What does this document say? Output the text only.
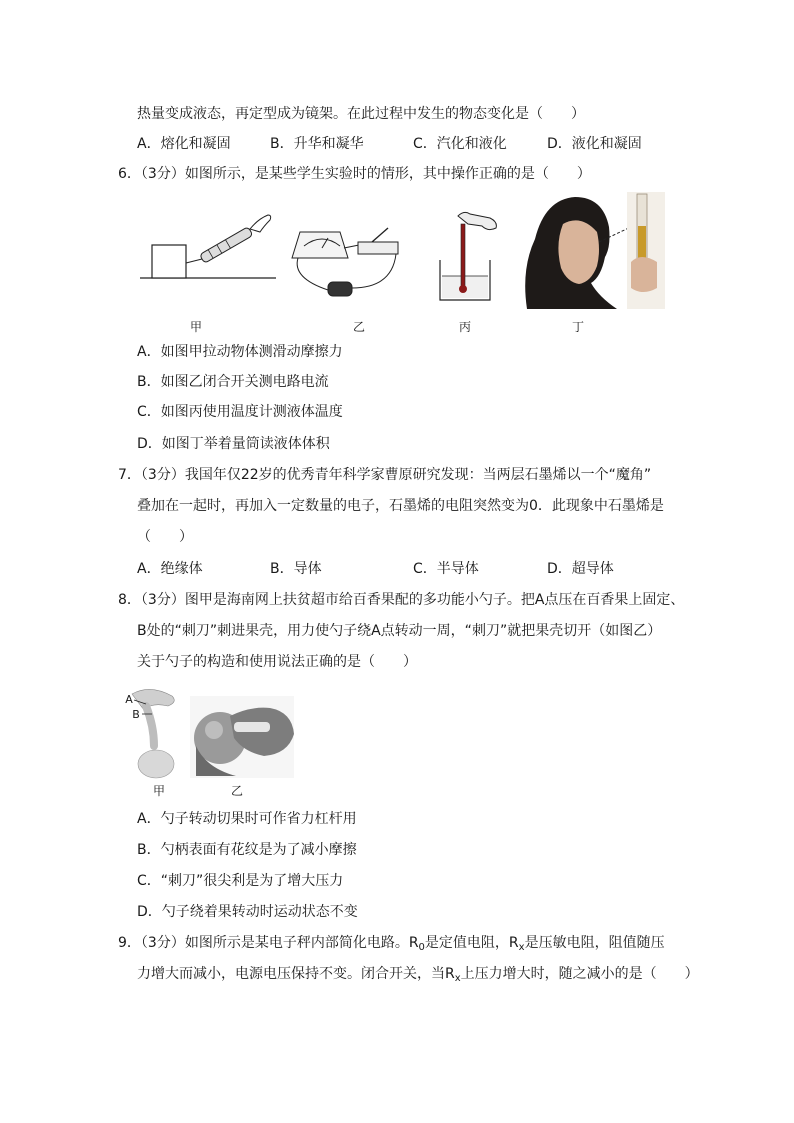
热量变成液态，再定型成为镜架。在此过程中发生的物态变化是（　　）
A．熔化和凝固	B．升华和凝华	C．汽化和液化	D．液化和凝固
6．（3分）如图所示，是某些学生实验时的情形，其中操作正确的是（　　）
甲	乙	丙	丁
A．如图甲拉动物体测滑动摩擦力
B．如图乙闭合开关测电路电流
C．如图丙使用温度计测液体温度
D．如图丁举着量筒读液体体积
7．（3分）我国年仅22岁的优秀青年科学家曹原研究发现：当两层石墨烯以一个“魔角”
叠加在一起时，再加入一定数量的电子，石墨烯的电阻突然变为0．此现象中石墨烯是
（　　）
A．绝缘体	B．导体	C．半导体	D．超导体
8．（3分）图甲是海南网上扶贫超市给百香果配的多功能小勺子。把A点压在百香果上固定、
B处的“刺刀”刺进果壳，用力使勺子绕A点转动一周，“刺刀”就把果壳切开（如图乙）
关于勺子的构造和使用说法正确的是（　　）
A
B
甲	乙
A．勺子转动切果时可作省力杠杆用
B．勺柄表面有花纹是为了减小摩擦
C．“刺刀”很尖利是为了增大压力
D．勺子绕着果转动时运动状态不变
9．（3分）如图所示是某电子秤内部简化电路。$R_0$是定值电阻，$R_x$是压敏电阻，阻值随压
力增大而减小，电源电压保持不变。闭合开关，当$R_x$上压力增大时，随之减小的是（　　）
